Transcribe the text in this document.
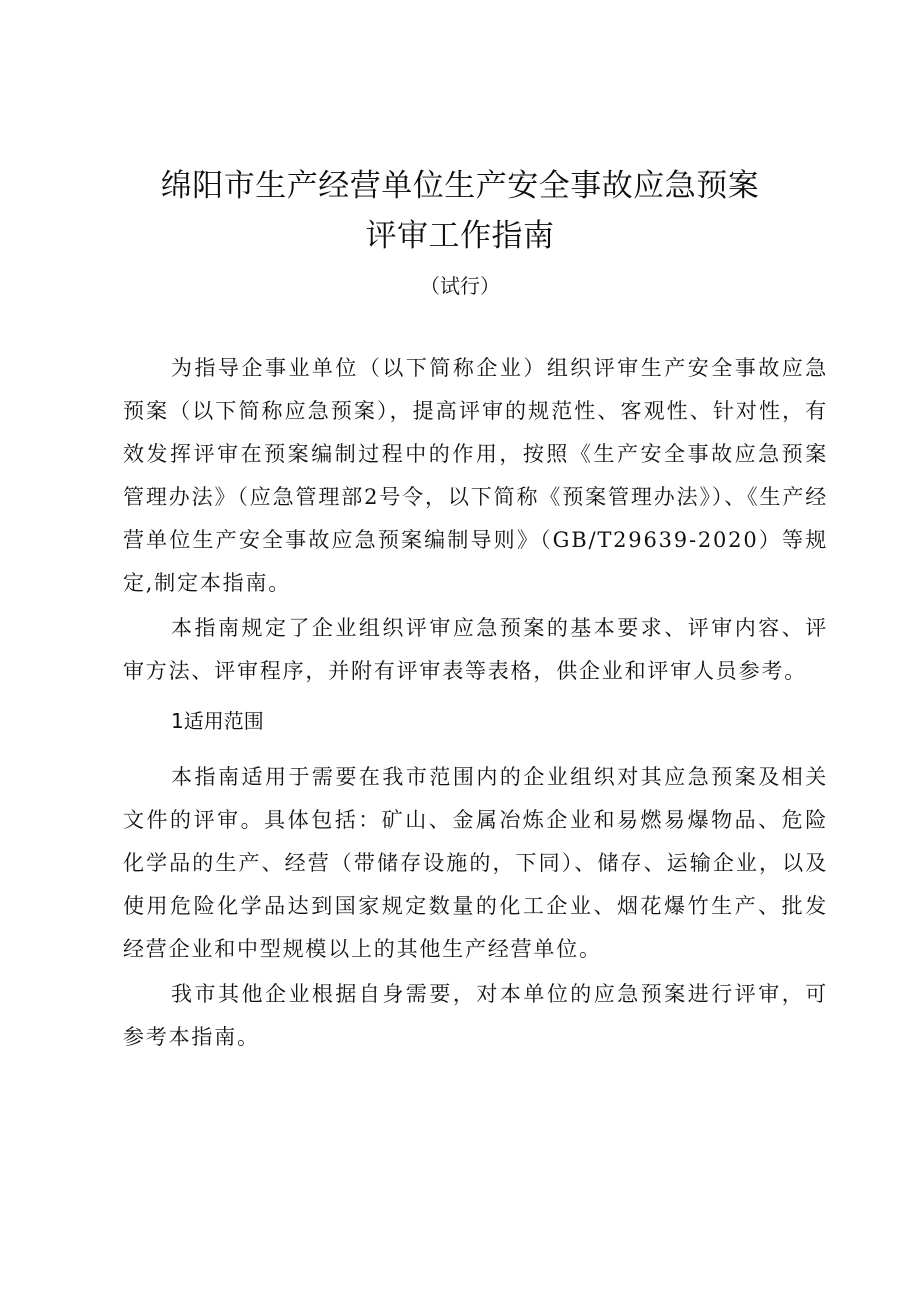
绵阳市生产经营单位生产安全事故应急预案
评审工作指南
（试行）

为指导企事业单位（以下简称企业）组织评审生产安全事故应急预案（以下简称应急预案），提高评审的规范性、客观性、针对性，有效发挥评审在预案编制过程中的作用，按照《生产安全事故应急预案管理办法》（应急管理部2号令，以下简称《预案管理办法》）、《生产经营单位生产安全事故应急预案编制导则》（GB/T29639-2020）等规定,制定本指南。

本指南规定了企业组织评审应急预案的基本要求、评审内容、评审方法、评审程序，并附有评审表等表格，供企业和评审人员参考。

1适用范围

本指南适用于需要在我市范围内的企业组织对其应急预案及相关文件的评审。具体包括：矿山、金属冶炼企业和易燃易爆物品、危险化学品的生产、经营（带储存设施的，下同）、储存、运输企业，以及使用危险化学品达到国家规定数量的化工企业、烟花爆竹生产、批发经营企业和中型规模以上的其他生产经营单位。

我市其他企业根据自身需要，对本单位的应急预案进行评审，可参考本指南。
